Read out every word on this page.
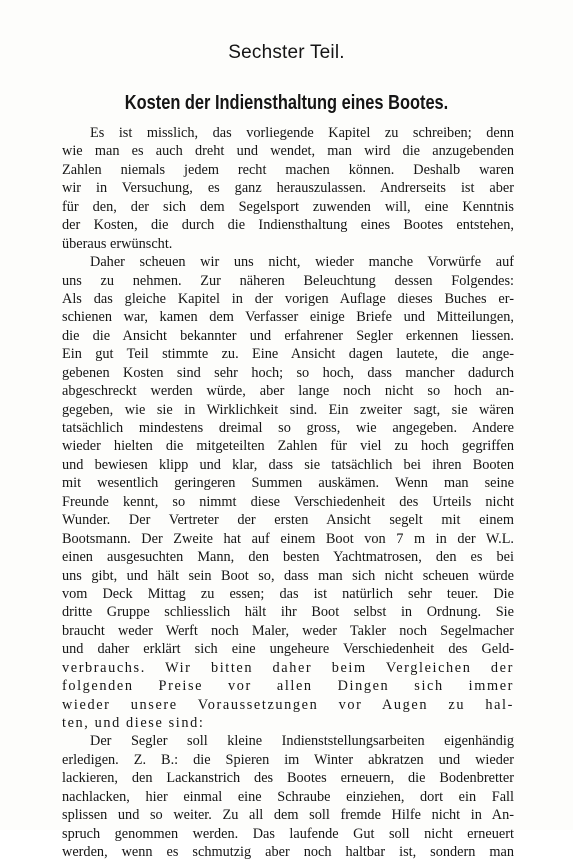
Sechster Teil.
Kosten der Indiensthaltung eines Bootes.
Es ist misslich, das vorliegende Kapitel zu schreiben; denn
wie man es auch dreht und wendet, man wird die anzugebenden
Zahlen niemals jedem recht machen können. Deshalb waren
wir in Versuchung, es ganz herauszulassen. Andrerseits ist aber
für den, der sich dem Segelsport zuwenden will, eine Kenntnis
der Kosten, die durch die Indiensthaltung eines Bootes entstehen,
überaus erwünscht.
Daher scheuen wir uns nicht, wieder manche Vorwürfe auf
uns zu nehmen. Zur näheren Beleuchtung dessen Folgendes:
Als das gleiche Kapitel in der vorigen Auflage dieses Buches er-
schienen war, kamen dem Verfasser einige Briefe und Mitteilungen,
die die Ansicht bekannter und erfahrener Segler erkennen liessen.
Ein gut Teil stimmte zu. Eine Ansicht dagen lautete, die ange-
gebenen Kosten sind sehr hoch; so hoch, dass mancher dadurch
abgeschreckt werden würde, aber lange noch nicht so hoch an-
gegeben, wie sie in Wirklichkeit sind. Ein zweiter sagt, sie wären
tatsächlich mindestens dreimal so gross, wie angegeben. Andere
wieder hielten die mitgeteilten Zahlen für viel zu hoch gegriffen
und bewiesen klipp und klar, dass sie tatsächlich bei ihren Booten
mit wesentlich geringeren Summen auskämen. Wenn man seine
Freunde kennt, so nimmt diese Verschiedenheit des Urteils nicht
Wunder. Der Vertreter der ersten Ansicht segelt mit einem
Bootsmann. Der Zweite hat auf einem Boot von 7 m in der W.L.
einen ausgesuchten Mann, den besten Yachtmatrosen, den es bei
uns gibt, und hält sein Boot so, dass man sich nicht scheuen würde
vom Deck Mittag zu essen; das ist natürlich sehr teuer. Die
dritte Gruppe schliesslich hält ihr Boot selbst in Ordnung. Sie
braucht weder Werft noch Maler, weder Takler noch Segelmacher
und daher erklärt sich eine ungeheure Verschiedenheit des Geld-
verbrauchs. Wir bitten daher beim Vergleichen der
folgenden Preise vor allen Dingen sich immer
wieder unsere Voraussetzungen vor Augen zu hal-
ten, und diese sind:
Der Segler soll kleine Indienststellungsarbeiten eigenhändig
erledigen. Z. B.: die Spieren im Winter abkratzen und wieder
lackieren, den Lackanstrich des Bootes erneuern, die Bodenbretter
nachlacken, hier einmal eine Schraube einziehen, dort ein Fall
splissen und so weiter. Zu all dem soll fremde Hilfe nicht in An-
spruch genommen werden. Das laufende Gut soll nicht erneuert
werden, wenn es schmutzig aber noch haltbar ist, sondern man
